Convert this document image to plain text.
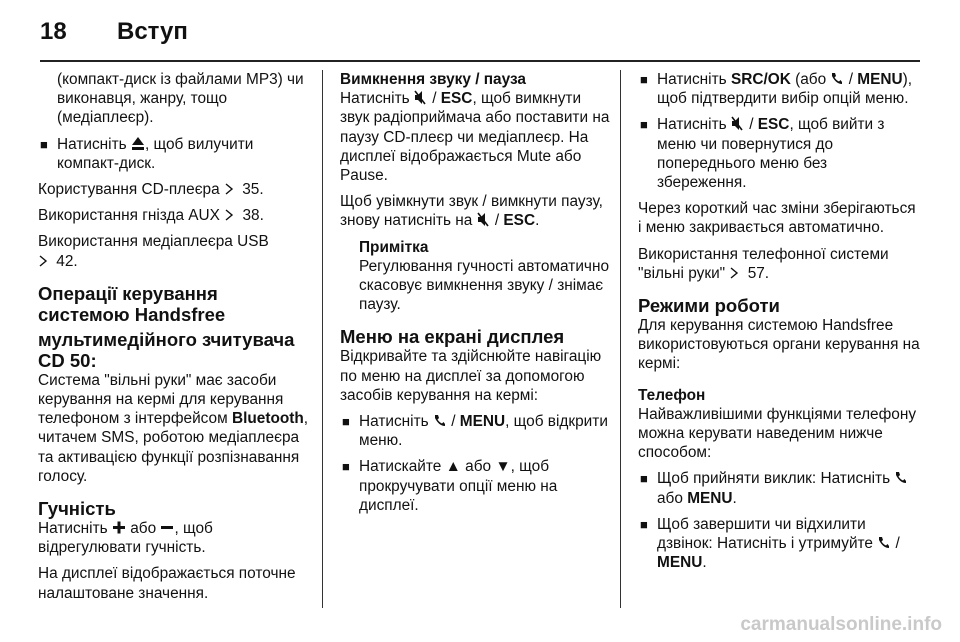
18 Вступ

(компакт-диск із файлами MP3) чи виконавця, жанру, тощо (медіаплеєр).

■ Натисніть
, щоб вилучити компакт-диск.

Користування CD-плеєра
35.

Використання гнізда AUX
38.

Використання медіаплеєра USB

42.

Операції керування системою Handsfree
мультимедійного зчитувача CD 50:

Система "вільні руки" має засоби керування на кермі для керування телефоном з інтерфейсом Bluetooth, читачем SMS, роботою медіаплеєра та активацією функції розпізнавання голосу.

Гучність

Натисніть
або
, щоб відрегулювати гучність.

На дисплеї відображається поточне налаштоване значення.

Вимкнення звуку / пауза

Натисніть
/ ESC, щоб вимкнути звук радіоприймача або поставити на паузу CD-плеєр чи медіаплеєр. На дисплеї відображається Mute або Pause.

Щоб увімкнути звук / вимкнути паузу, знову натисніть на
/ ESC.

Примітка
Регулювання гучності автоматично скасовує вимкнення звуку / знімає паузу.
Меню на екрані дисплея

Відкривайте та здійснюйте навігацію по меню на дисплеї за допомогою засобів керування на кермі:

■ Натисніть
/ MENU, щоб відкрити меню.
■ Натискайте ▲ або ▼, щоб прокручувати опції меню на дисплеї.
■ Натисніть SRC/OK (або
/ MENU), щоб підтвердити вибір опцій меню.
■ Натисніть
/ ESC, щоб вийти з меню чи повернутися до попереднього меню без збереження.

Через короткий час зміни зберігаються і меню закривається автоматично.

Використання телефонної системи "вільні руки"
57.

Режими роботи

Для керування системою Handsfree використовуються органи керування на кермі:

Телефон

Найважливішими функціями телефону можна керувати наведеним нижче способом:

■ Щоб прийняти виклик: Натисніть
або MENU.
■ Щоб завершити чи відхилити дзвінок: Натисніть і утримуйте
/ MENU.
carmanualsonline.info
